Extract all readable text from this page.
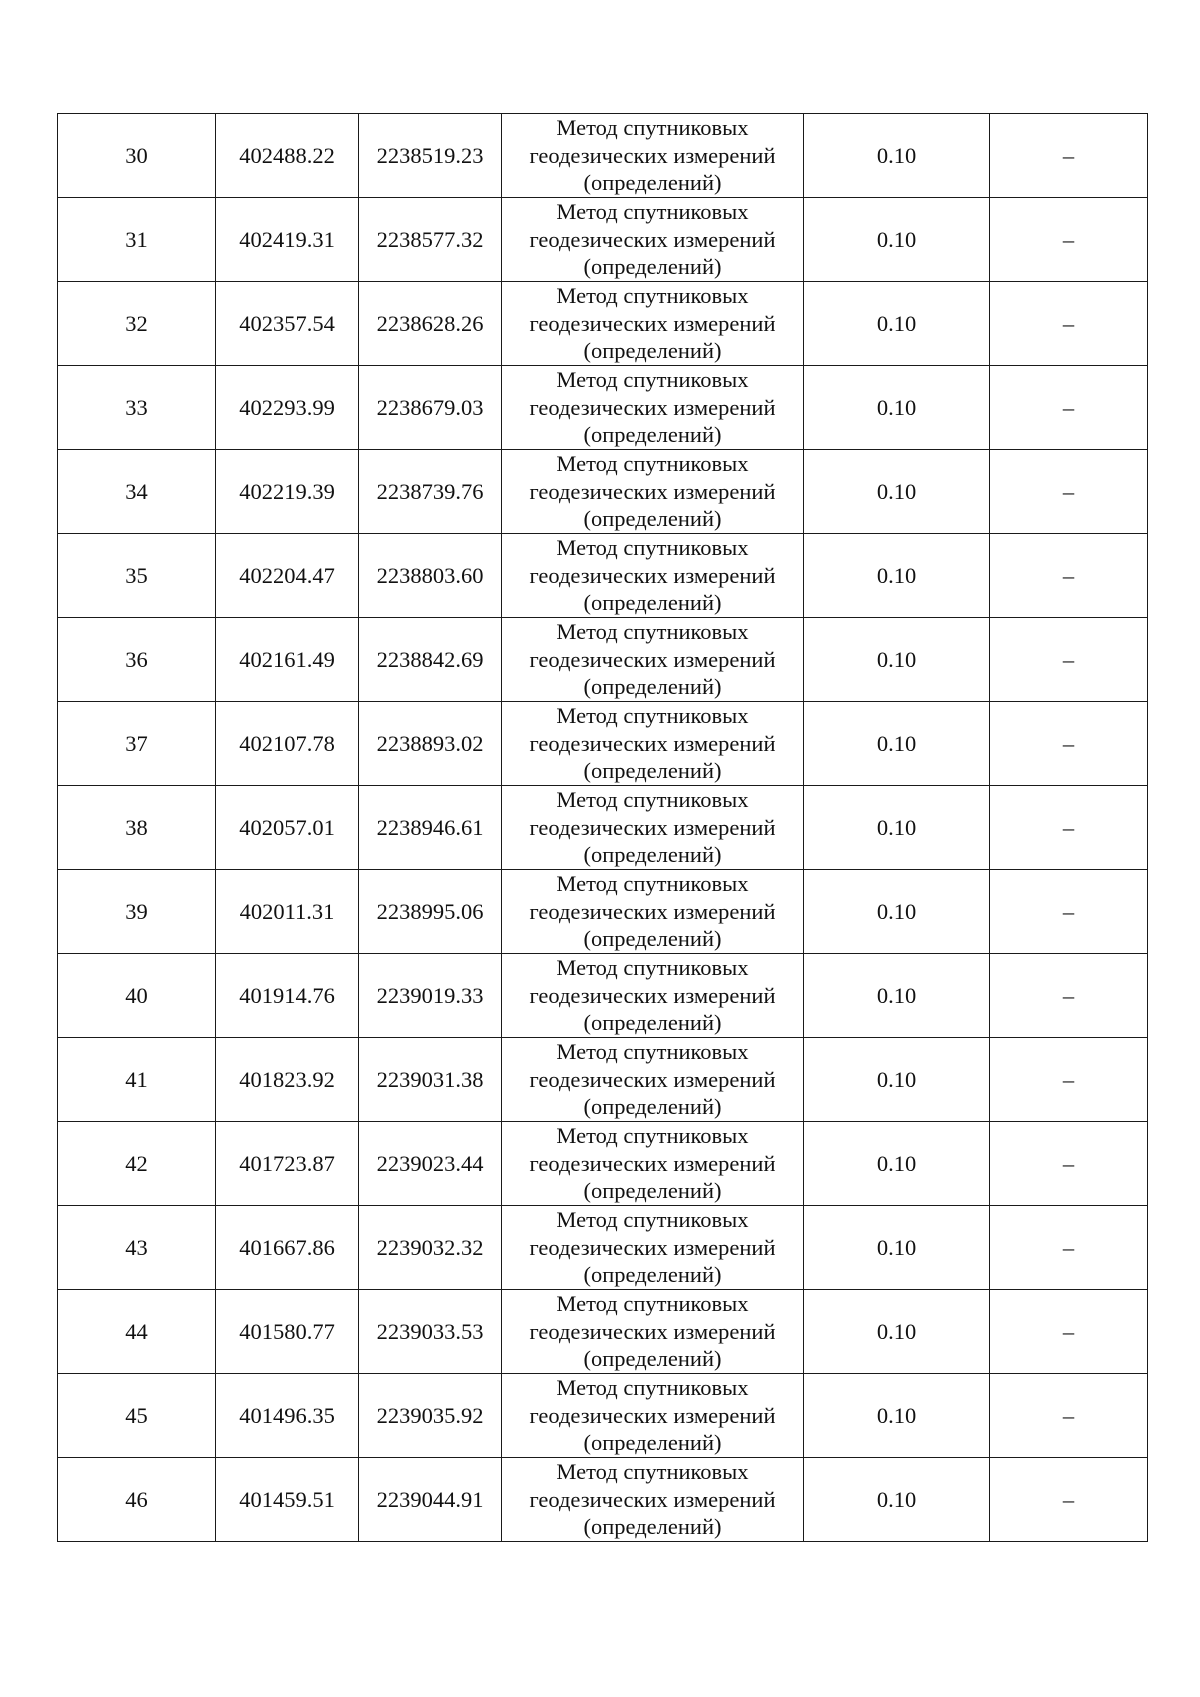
30	402488.22	2238519.23	Метод спутниковых
геодезических измерений
(определений)	0.10	–
31	402419.31	2238577.32	Метод спутниковых
геодезических измерений
(определений)	0.10	–
32	402357.54	2238628.26	Метод спутниковых
геодезических измерений
(определений)	0.10	–
33	402293.99	2238679.03	Метод спутниковых
геодезических измерений
(определений)	0.10	–
34	402219.39	2238739.76	Метод спутниковых
геодезических измерений
(определений)	0.10	–
35	402204.47	2238803.60	Метод спутниковых
геодезических измерений
(определений)	0.10	–
36	402161.49	2238842.69	Метод спутниковых
геодезических измерений
(определений)	0.10	–
37	402107.78	2238893.02	Метод спутниковых
геодезических измерений
(определений)	0.10	–
38	402057.01	2238946.61	Метод спутниковых
геодезических измерений
(определений)	0.10	–
39	402011.31	2238995.06	Метод спутниковых
геодезических измерений
(определений)	0.10	–
40	401914.76	2239019.33	Метод спутниковых
геодезических измерений
(определений)	0.10	–
41	401823.92	2239031.38	Метод спутниковых
геодезических измерений
(определений)	0.10	–
42	401723.87	2239023.44	Метод спутниковых
геодезических измерений
(определений)	0.10	–
43	401667.86	2239032.32	Метод спутниковых
геодезических измерений
(определений)	0.10	–
44	401580.77	2239033.53	Метод спутниковых
геодезических измерений
(определений)	0.10	–
45	401496.35	2239035.92	Метод спутниковых
геодезических измерений
(определений)	0.10	–
46	401459.51	2239044.91	Метод спутниковых
геодезических измерений
(определений)	0.10	–
